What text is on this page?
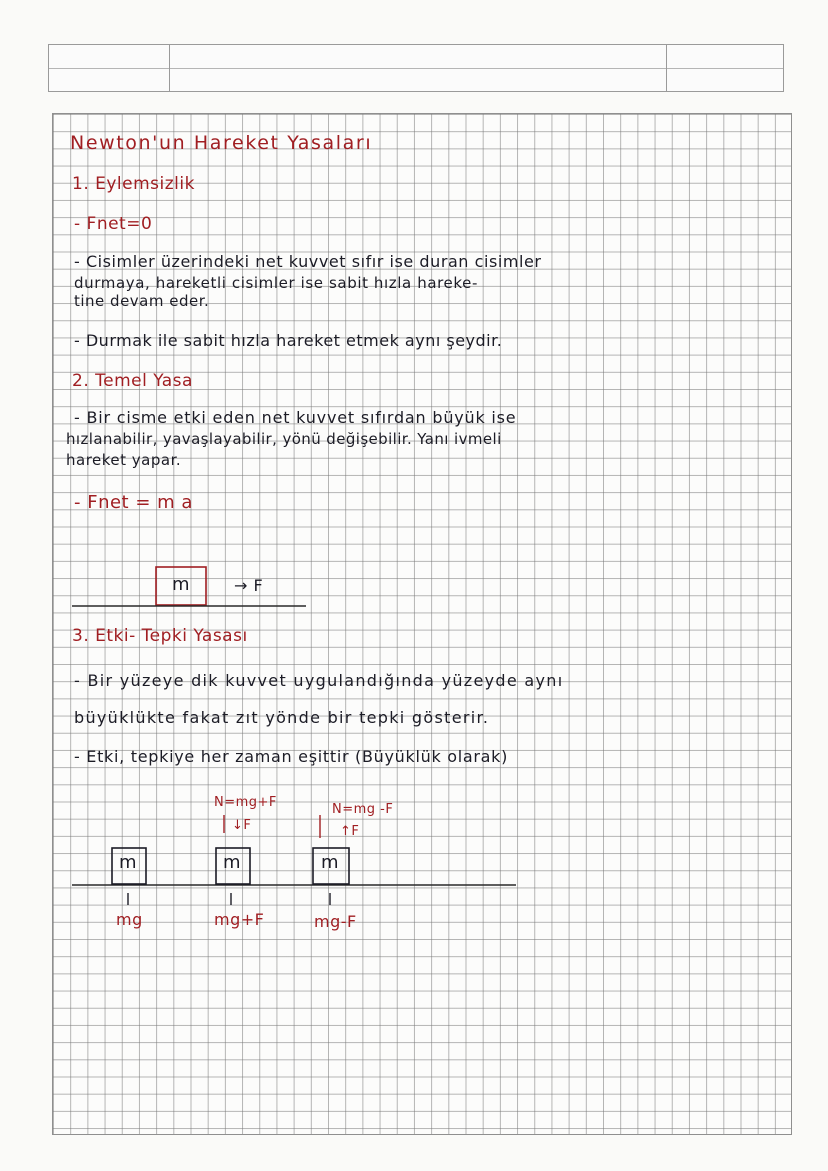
Newton'un Hareket Yasaları

1. Eylemsizlik

- Fnet=0

- Cisimler üzerindeki net kuvvet sıfır ise duran cisimler

durmaya, hareketli cisimler ise sabit hızla hareke-

tine devam eder.

- Durmak ile sabit hızla hareket etmek aynı şeydir.

2. Temel Yasa

- Bir cisme etki eden net kuvvet sıfırdan büyük ise

hızlanabilir, yavaşlayabilir, yönü değişebilir. Yanı ivmeli

hareket yapar.

- Fnet = m a

m	→ F

3. Etki- Tepki Yasası

- Bir yüzeye dik kuvvet uygulandığında yüzeyde aynı

büyüklükte fakat zıt yönde bir tepki gösterir.

- Etki, tepkiye her zaman eşittir (Büyüklük olarak)

m	m	m

mg	mg+F	mg-F

N=mg+F

↓F

N=mg -F

↑F
